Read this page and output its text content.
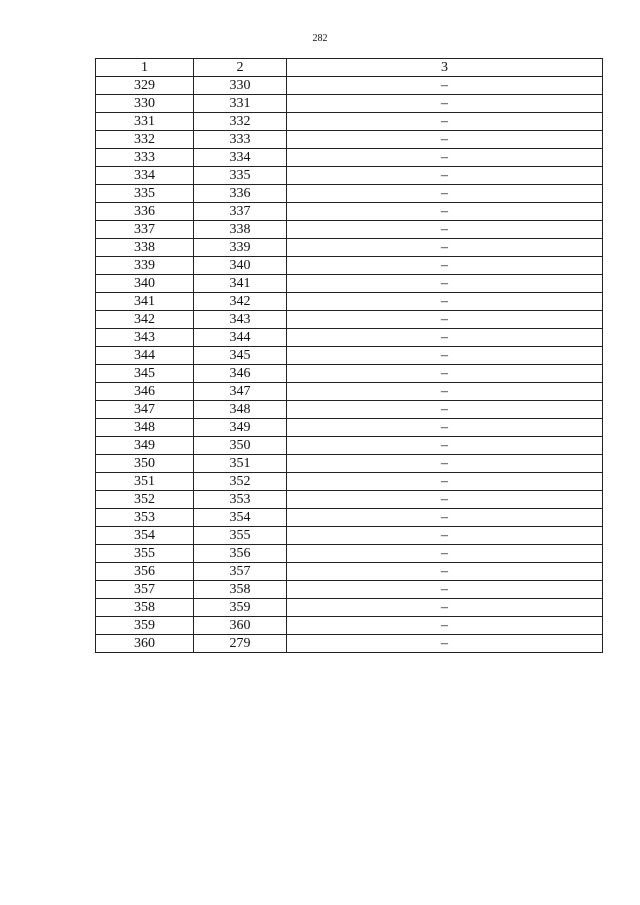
282
1	2	3
329	330	–
330	331	–
331	332	–
332	333	–
333	334	–
334	335	–
335	336	–
336	337	–
337	338	–
338	339	–
339	340	–
340	341	–
341	342	–
342	343	–
343	344	–
344	345	–
345	346	–
346	347	–
347	348	–
348	349	–
349	350	–
350	351	–
351	352	–
352	353	–
353	354	–
354	355	–
355	356	–
356	357	–
357	358	–
358	359	–
359	360	–
360	279	–
